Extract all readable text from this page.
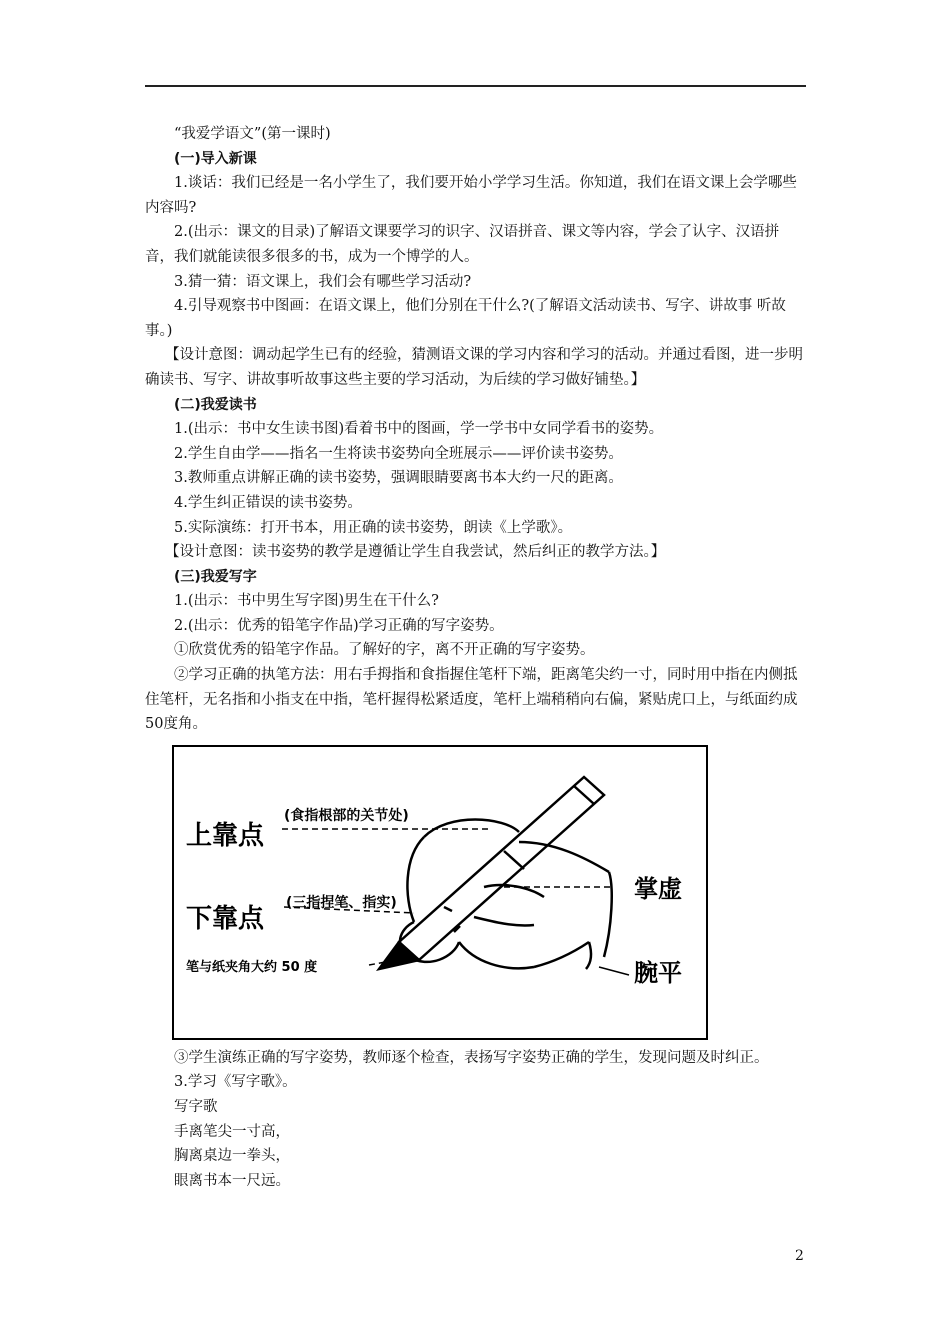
“我爱学语文”(第一课时)

(一)导入新课

1.谈话：我们已经是一名小学生了，我们要开始小学学习生活。你知道，我们在语文课上会学哪些内容吗?

2.(出示：课文的目录)了解语文课要学习的识字、汉语拼音、课文等内容，学会了认字、汉语拼音，我们就能读很多很多的书，成为一个博学的人。

3.猜一猜：语文课上，我们会有哪些学习活动?

4.引导观察书中图画：在语文课上，他们分别在干什么?(了解语文活动读书、写字、讲故事 听故事。)

【设计意图：调动起学生已有的经验，猜测语文课的学习内容和学习的活动。并通过看图，进一步明确读书、写字、讲故事听故事这些主要的学习活动，为后续的学习做好铺垫。】

(二)我爱读书

1.(出示：书中女生读书图)看着书中的图画，学一学书中女同学看书的姿势。

2.学生自由学——指名一生将读书姿势向全班展示——评价读书姿势。

3.教师重点讲解正确的读书姿势，强调眼睛要离书本大约一尺的距离。

4.学生纠正错误的读书姿势。

5.实际演练：打开书本，用正确的读书姿势，朗读《上学歌》。

【设计意图：读书姿势的教学是遵循让学生自我尝试，然后纠正的教学方法。】

(三)我爱写字

1.(出示：书中男生写字图)男生在干什么?

2.(出示：优秀的铅笔字作品)学习正确的写字姿势。

①欣赏优秀的铅笔字作品。了解好的字，离不开正确的写字姿势。

②学习正确的执笔方法：用右手拇指和食指握住笔杆下端，距离笔尖约一寸，同时用中指在内侧抵住笔杆，无名指和小指支在中指，笔杆握得松紧适度，笔杆上端稍稍向右偏，紧贴虎口上，与纸面约成50度角。

上靠点
(食指根部的关节处)
下靠点
(三指捏笔、指实)
笔与纸夹角大约 50 度
掌虚
腕平

③学生演练正确的写字姿势，教师逐个检查，表扬写字姿势正确的学生，发现问题及时纠正。

3.学习《写字歌》。

写字歌

手离笔尖一寸高，

胸离桌边一拳头，

眼离书本一尺远。

2
